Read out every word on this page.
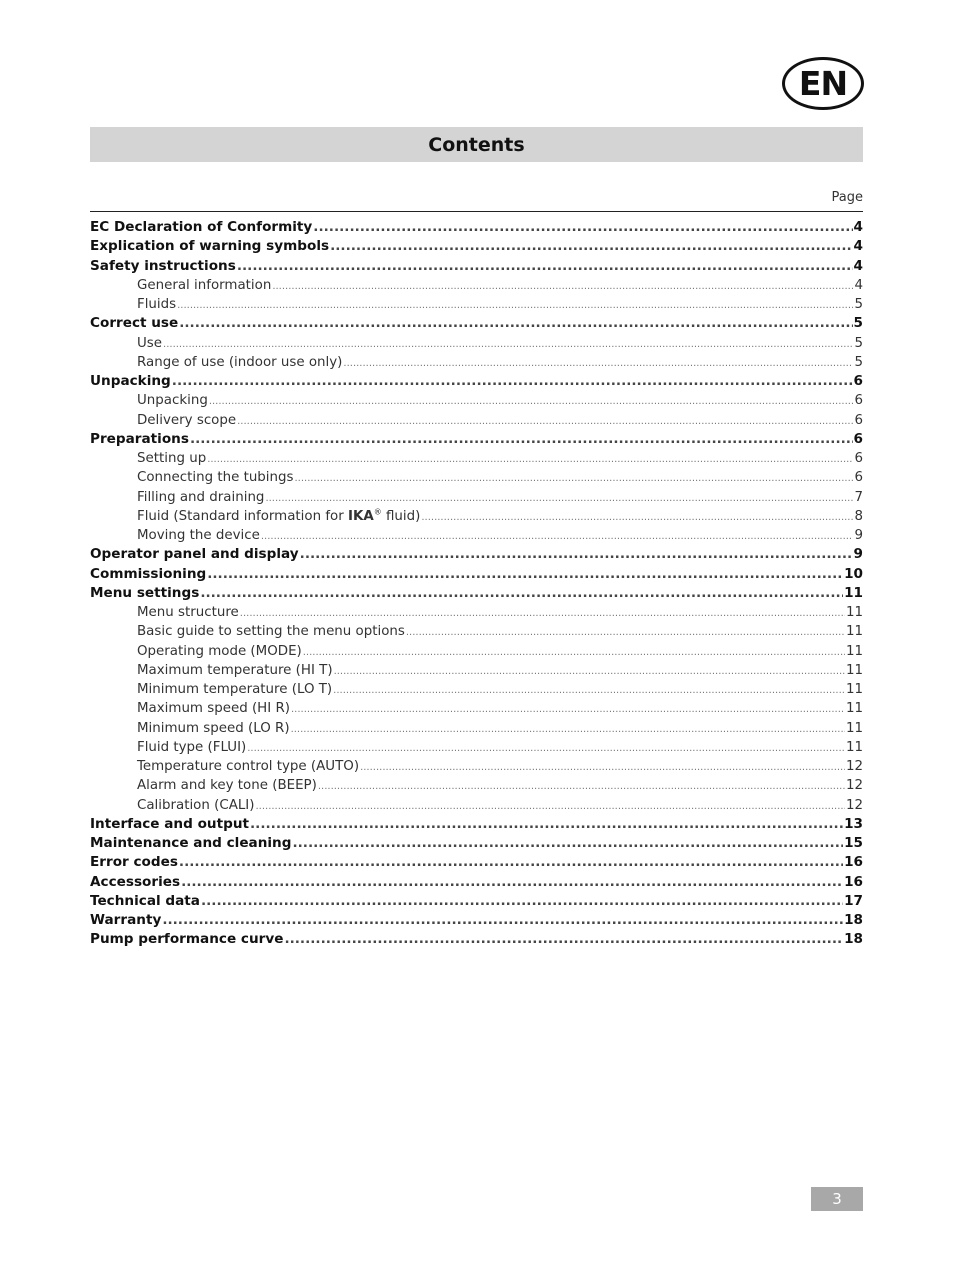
EN
Contents
Page
EC Declaration of Conformity .....	4
Explication of warning symbols .....	4
Safety instructions .....	4
General information .....	4
Fluids .....	5
Correct use .....	5
Use .....	5
Range of use (indoor use only) .....	5
Unpacking .....	6
Unpacking .....	6
Delivery scope .....	6
Preparations .....	6
Setting up .....	6
Connecting the tubings .....	6
Filling and draining .....	7
Fluid (Standard information for IKA® fluid) .....	8
Moving the device .....	9
Operator panel and display .....	9
Commissioning .....	10
Menu settings .....	11
Menu structure .....	11
Basic guide to setting the menu options .....	11
Operating mode (MODE) .....	11
Maximum temperature (HI T) .....	11
Minimum temperature (LO T) .....	11
Maximum speed (HI R) .....	11
Minimum speed (LO R) .....	11
Fluid type (FLUI) .....	11
Temperature control type (AUTO) .....	12
Alarm and key tone (BEEP) .....	12
Calibration (CALI) .....	12
Interface and output .....	13
Maintenance and cleaning .....	15
Error codes .....	16
Accessories .....	16
Technical data .....	17
Warranty .....	18
Pump performance curve .....	18
3
